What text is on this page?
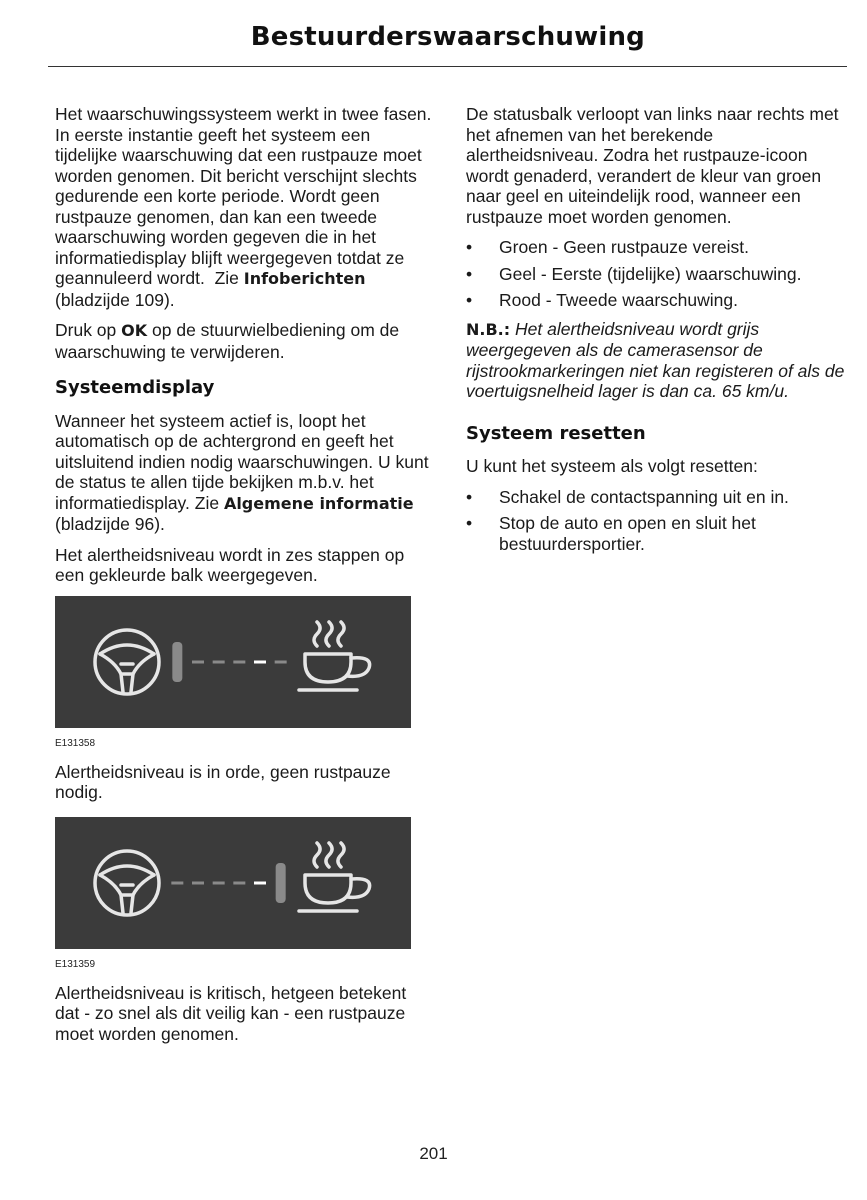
Bestuurderswaarschuwing

Het waarschuwingssysteem werkt in twee fasen. In eerste instantie geeft het systeem een tijdelijke waarschuwing dat een rustpauze moet worden genomen. Dit bericht verschijnt slechts gedurende een korte periode. Wordt geen rustpauze genomen, dan kan een tweede waarschuwing worden gegeven die in het informatiedisplay blijft weergegeven totdat ze geannuleerd wordt. Zie Infoberichten (bladzijde 109).

Druk op OK op de stuurwielbediening om de waarschuwing te verwijderen.

Systeemdisplay

Wanneer het systeem actief is, loopt het automatisch op de achtergrond en geeft het uitsluitend indien nodig waarschuwingen. U kunt de status te allen tijde bekijken m.b.v. het informatiedisplay. Zie Algemene informatie (bladzijde 96).

Het alertheidsniveau wordt in zes stappen op een gekleurde balk weergegeven.

E131358

Alertheidsniveau is in orde, geen rustpauze nodig.

E131359

Alertheidsniveau is kritisch, hetgeen betekent dat - zo snel als dit veilig kan - een rustpauze moet worden genomen.

De statusbalk verloopt van links naar rechts met het afnemen van het berekende alertheidsniveau. Zodra het rustpauze-icoon wordt genaderd, verandert de kleur van groen naar geel en uiteindelijk rood, wanneer een rustpauze moet worden genomen.

• Groen - Geen rustpauze vereist.
• Geel - Eerste (tijdelijke) waarschuwing.
• Rood - Tweede waarschuwing.

N.B.: Het alertheidsniveau wordt grijs weergegeven als de camerasensor de rijstrookmarkeringen niet kan registeren of als de voertuigsnelheid lager is dan ca. 65 km/u.

Systeem resetten

U kunt het systeem als volgt resetten:

• Schakel de contactspanning uit en in.
• Stop de auto en open en sluit het bestuurdersportier.
201
